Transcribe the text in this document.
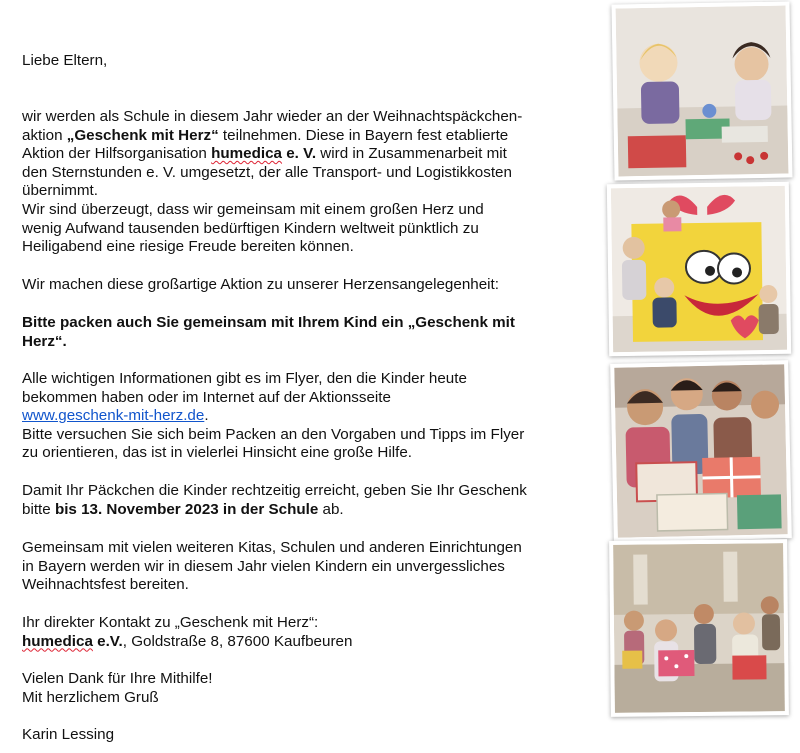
Liebe Eltern,

wir werden als Schule in diesem Jahr wieder an der Weihnachtspäckchen-

aktion „Geschenk mit Herz“ teilnehmen. Diese in Bayern fest etablierte

Aktion der Hilfsorganisation humedica e. V. wird in Zusammenarbeit mit

den Sternstunden e. V. umgesetzt, der alle Transport- und Logistikkosten

übernimmt.

Wir sind überzeugt, dass wir gemeinsam mit einem großen Herz und

wenig Aufwand tausenden bedürftigen Kindern weltweit pünktlich zu

Heiligabend eine riesige Freude bereiten können.

Wir machen diese großartige Aktion zu unserer Herzensangelegenheit:

Bitte packen auch Sie gemeinsam mit Ihrem Kind ein „Geschenk mit

Herz“.

Alle wichtigen Informationen gibt es im Flyer, den die Kinder heute

bekommen haben oder im Internet auf der Aktionsseite

www.geschenk-mit-herz.de.

Bitte versuchen Sie sich beim Packen an den Vorgaben und Tipps im Flyer

zu orientieren, das ist in vielerlei Hinsicht eine große Hilfe.

Damit Ihr Päckchen die Kinder rechtzeitig erreicht, geben Sie Ihr Geschenk

bitte bis 13. November 2023 in der Schule ab.

Gemeinsam mit vielen weiteren Kitas, Schulen und anderen Einrichtungen

in Bayern werden wir in diesem Jahr vielen Kindern ein unvergessliches

Weihnachtsfest bereiten.

Ihr direkter Kontakt zu „Geschenk mit Herz“:

humedica e.V., Goldstraße 8, 87600 Kaufbeuren

Vielen Dank für Ihre Mithilfe!

Mit herzlichem Gruß

Karin Lessing
